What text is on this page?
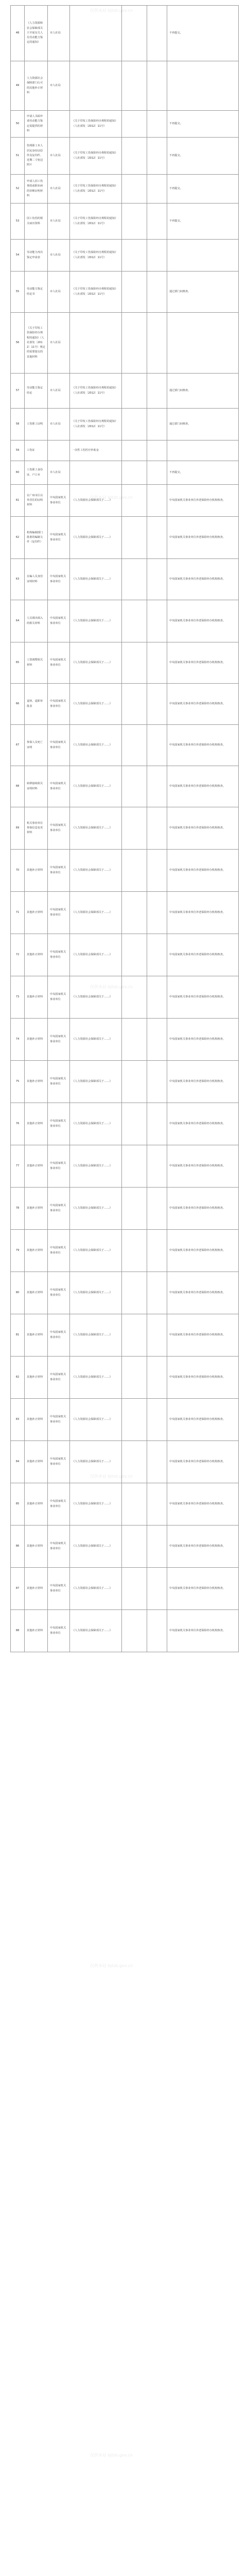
48	《人力资源和社会保障部关于开展有关人员劳动能力鉴定的通知》	市人社局				不再提交。
49	人力资源社会保障部门认可的其他补正材料	市人社局				
50	申请人书面申请劳动能力鉴定需提供的材料		《关于印发工伤保险经办规程的通知》（人社部发〔2012〕11号）			不再提交。
51	伤残职工本人居民身份证原件及复印件、近期二寸免冠照片	市人社局	《关于印发工伤保险经办规程的通知》（人社部发〔2012〕11号）			不再提交。
52	申请人因工伤事故或职业病的诊断证明材料	市人社局	《关于印发工伤保险经办规程的通知》（人社部发〔2012〕11号）			不再提交。
53	因工负伤的相关病历资料	市人社局	《关于印发工伤保险经办规程的通知》（人社部发〔2012〕11号）			不再提交。
54	劳动能力再次鉴定申请表	市人社局	《关于印发工伤保险经办规程的通知》（人社部发〔2012〕11号）			
55	劳动能力鉴定结论书	市人社局	《关于印发工伤保险经办规程的通知》（人社部发〔2012〕11号）			通过部门间核查。
56	《关于印发工伤保险经办规程的通知》（人社部发〔2012〕11号）规定的需要提交的其他材料	市人社局				
57	劳动能力鉴定结论	市人社局	《关于印发工伤保险经办规程的通知》（人社部发〔2012〕11号）			通过部门间核查。
58	工伤职工证明	市人社局	《关于印发工伤保险经办规程的通知》（人社部发〔2012〕11号）			通过部门间核查。
59	工伤证		一次性工伤医疗补助金			
60	工伤职工身份证、户口本	市人社局				不再提交。
61	在广州市区以外居住的证明材料	中央国家机关事业单位	《人力资源社会保障部关于……》			中央国家机关事业单位养老保险经办机构核查。
62	机构编制部门批准的编制文件（复印件）	中央国家机关事业单位	《人力资源社会保障部关于……》			中央国家机关事业单位养老保险经办机构核查。
63	在编人员身份证明材料	中央国家机关事业单位	《人力资源社会保障部关于……》			中央国家机关事业单位养老保险经办机构核查。
64	人员调出调入的相关材料	中央国家机关事业单位	《人力资源社会保障部关于……》			中央国家机关事业单位养老保险经办机构核查。
65	工资调整相关材料	中央国家机关事业单位	《人力资源社会保障部关于……》			中央国家机关事业单位养老保险经办机构核查。
66	退休、退职审批表	中央国家机关事业单位	《人力资源社会保障部关于……》			中央国家机关事业单位养老保险经办机构核查。
67	参保人员死亡证明	中央国家机关事业单位	《人力资源社会保障部关于……》			中央国家机关事业单位养老保险经办机构核查。
68	转移接续相关证明材料	中央国家机关事业单位	《人力资源社会保障部关于……》			中央国家机关事业单位养老保险经办机构核查。
69	机关事业单位参保信息变更材料	中央国家机关事业单位	《人力资源社会保障部关于……》			中央国家机关事业单位养老保险经办机构核查。
70	其他补正材料	中央国家机关事业单位	《人力资源社会保障部关于……》			中央国家机关事业单位养老保险经办机构核查。
71	其他补正材料	中央国家机关事业单位	《人力资源社会保障部关于……》			中央国家机关事业单位养老保险经办机构核查。
72	其他补正材料	中央国家机关事业单位	《人力资源社会保障部关于……》			中央国家机关事业单位养老保险经办机构核查。
73	其他补正材料	中央国家机关事业单位	《人力资源社会保障部关于……》			中央国家机关事业单位养老保险经办机构核查。
74	其他补正材料	中央国家机关事业单位	《人力资源社会保障部关于……》			中央国家机关事业单位养老保险经办机构核查。
75	其他补正材料	中央国家机关事业单位	《人力资源社会保障部关于……》			中央国家机关事业单位养老保险经办机构核查。
76	其他补正材料	中央国家机关事业单位	《人力资源社会保障部关于……》			中央国家机关事业单位养老保险经办机构核查。
77	其他补正材料	中央国家机关事业单位	《人力资源社会保障部关于……》			中央国家机关事业单位养老保险经办机构核查。
78	其他补正材料	中央国家机关事业单位	《人力资源社会保障部关于……》			中央国家机关事业单位养老保险经办机构核查。
79	其他补正材料	中央国家机关事业单位	《人力资源社会保障部关于……》			中央国家机关事业单位养老保险经办机构核查。
80	其他补正材料	中央国家机关事业单位	《人力资源社会保障部关于……》			中央国家机关事业单位养老保险经办机构核查。
81	其他补正材料	中央国家机关事业单位	《人力资源社会保障部关于……》			中央国家机关事业单位养老保险经办机构核查。
82	其他补正材料	中央国家机关事业单位	《人力资源社会保障部关于……》			中央国家机关事业单位养老保险经办机构核查。
83	其他补正材料	中央国家机关事业单位	《人力资源社会保障部关于……》			中央国家机关事业单位养老保险经办机构核查。
84	其他补正材料	中央国家机关事业单位	《人力资源社会保障部关于……》			中央国家机关事业单位养老保险经办机构核查。
85	其他补正材料	中央国家机关事业单位	《人力资源社会保障部关于……》			中央国家机关事业单位养老保险经办机构核查。
86	其他补正材料	中央国家机关事业单位	《人力资源社会保障部关于……》			中央国家机关事业单位养老保险经办机构核查。
87	其他补正材料	中央国家机关事业单位	《人力资源社会保障部关于……》			中央国家机关事业单位养老保险经办机构核查。
88	其他补正材料	中央国家机关事业单位	《人力资源社会保障部关于……》			中央国家机关事业单位养老保险经办机构核查。
仅供本站 bjtsb.gov.cn
仅供本站 bjtsb.gov.cn
仅供本站 bjtsb.gov.cn
仅供本站 bjtsb.gov.cn
仅供本站 bjtsb.gov.cn
仅供本站 bjtsb.gov.cn
